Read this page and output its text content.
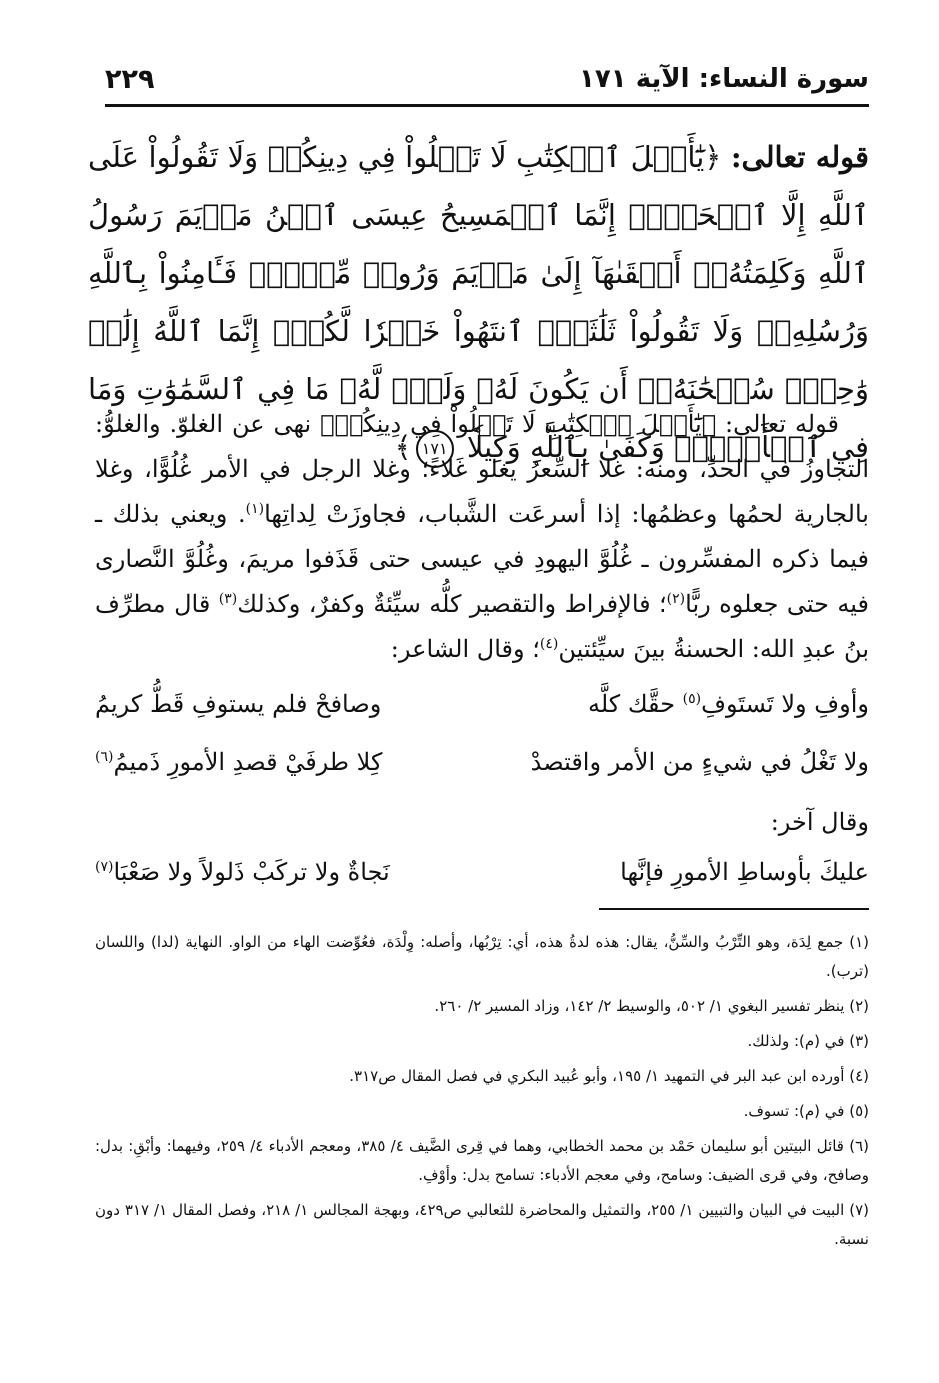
سورة النساء: الآية ١٧١
٢٢٩
قوله تعالى: ﴿يَٰٓأَهۡلَ ٱلۡكِتَٰبِ لَا تَغۡلُواْ فِي دِينِكُمۡ وَلَا تَقُولُواْ عَلَى ٱللَّهِ إِلَّا ٱلۡحَقَّۚ إِنَّمَا ٱلۡمَسِيحُ عِيسَى ٱبۡنُ مَرۡيَمَ رَسُولُ ٱللَّهِ وَكَلِمَتُهُۥٓ أَلۡقَىٰهَآ إِلَىٰ مَرۡيَمَ وَرُوحٞ مِّنۡهُۖ فَـَٔامِنُواْ بِٱللَّهِ وَرُسُلِهِۦۖ وَلَا تَقُولُواْ ثَلَٰثَةٌۚ ٱنتَهُواْ خَيۡرٗا لَّكُمۡۚ إِنَّمَا ٱللَّهُ إِلَٰهٞ وَٰحِدٞۖ سُبۡحَٰنَهُۥٓ أَن يَكُونَ لَهُۥ وَلَدٞۘ لَّهُۥ مَا فِي ٱلسَّمَٰوَٰتِ وَمَا فِي ٱلۡأَرۡضِۗ وَكَفَىٰ بِٱللَّهِ وَكِيلٗا ١٧١﴾

قوله تعالى: ﴿يَٰٓأَهۡلَ ٱلۡكِتَٰبِ لَا تَغۡلُواْ فِي دِينِكُمۡ﴾ نهى عن الغلوّ. والغلوُّ: التجاوزُ في الحدِّ، ومنه: غلا السِّعرُ يغلو غَلاءً؛ وغلا الرجل في الأمر غُلُوًّا، وغلا بالجارية لحمُها وعظمُها: إذا أسرعَت الشَّباب، فجاوزَتْ لِداتِها$^{(١)}$. ويعني بذلك ـ فيما ذكره المفسِّرون ـ غُلُوَّ اليهودِ في عيسى حتى قَذَفوا مريمَ، وغُلُوَّ النَّصارى فيه حتى جعلوه ربًّا$^{(٢)}$؛ فالإفراط والتقصير كلُّه سيِّئةٌ وكفرٌ، وكذلك$^{(٣)}$ قال مطرِّف بنُ عبدِ الله: الحسنةُ بينَ سيِّئتين$^{(٤)}$؛ وقال الشاعر:

وأوفِ ولا تَستَوفِ$^{(٥)}$ حقَّك كلَّه
وصافحْ فلم يستوفِ قَطُّ كريمُ
ولا تَغْلُ في شيءٍ من الأمر واقتصدْ
كِلا طرفَيْ قصدِ الأمورِ ذَميمُ$^{(٦)}$
وقال آخر:
عليكَ بأوساطِ الأمورِ فإنَّها
نَجاةٌ ولا تركَبْ ذَلولاً ولا صَعْبَا$^{(٧)}$
(١) جمع لِدَة، وهو التِّرْبُ والسِّنُّ، يقال: هذه لدةُ هذه، أي: تِرْبُها، وأصله: وِلْدَة، فعُوِّضت الهاء من الواو. النهاية (لدا) واللسان (ترب).
(٢) ينظر تفسير البغوي ١/ ٥٠٢، والوسيط ٢/ ١٤٢، وزاد المسير ٢/ ٢٦٠.
(٣) في (م): ولذلك.
(٤) أورده ابن عبد البر في التمهيد ١/ ١٩٥، وأبو عُبيد البكري في فصل المقال ص٣١٧.
(٥) في (م): تسوف.
(٦) قائل البيتين أبو سليمان حَمْد بن محمد الخطابي، وهما في قِرى الضَّيف ٤/ ٣٨٥، ومعجم الأدباء ٤/ ٢٥٩، وفيهما: وأبْقِ: بدل: وصافح، وفي قرى الضيف: وسامح، وفي معجم الأدباء: تسامح بدل: وأوْفِ.
(٧) البيت في البيان والتبيين ١/ ٢٥٥، والتمثيل والمحاضرة للثعالبي ص٤٢٩، وبهجة المجالس ١/ ٢١٨، وفصل المقال ١/ ٣١٧ دون نسبة.
